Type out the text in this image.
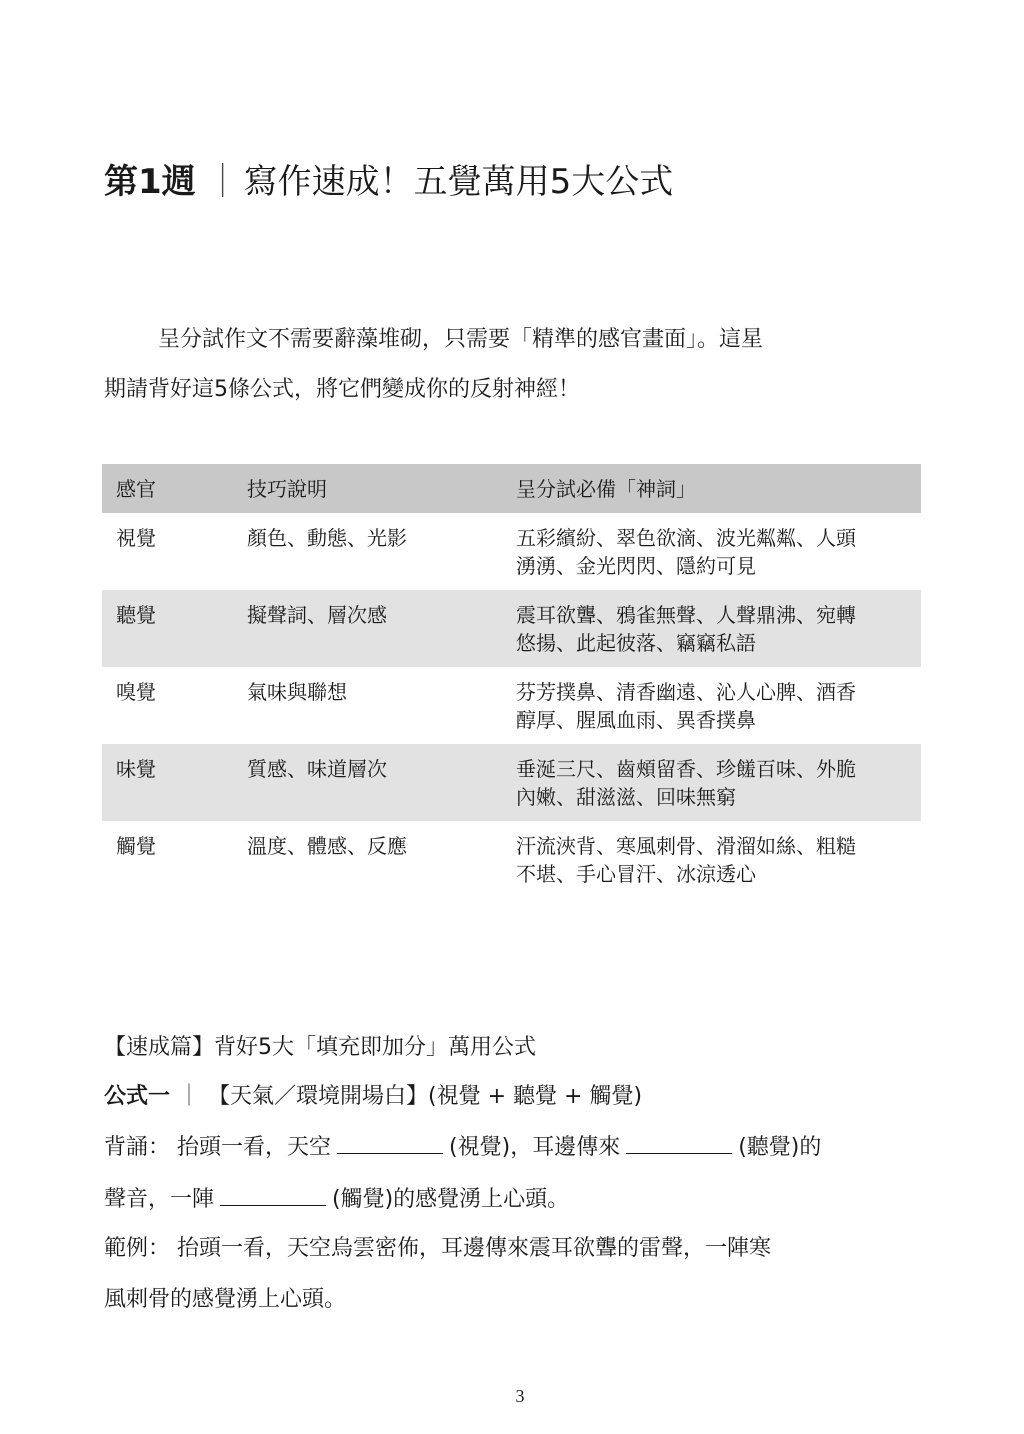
第1週 ｜ 寫作速成！五覺萬用5大公式
呈分試作文不需要辭藻堆砌，只需要「精準的感官畫面」。這星
期請背好這5條公式，將它們變成你的反射神經！
感官	技巧說明	呈分試必備「神詞」
視覺	顏色、動態、光影	五彩繽紛、翠色欲滴、波光粼粼、人頭
湧湧、金光閃閃、隱約可見

聽覺	擬聲詞、層次感	震耳欲聾、鴉雀無聲、人聲鼎沸、宛轉
悠揚、此起彼落、竊竊私語

嗅覺	氣味與聯想	芬芳撲鼻、清香幽遠、沁人心脾、酒香
醇厚、腥風血雨、異香撲鼻

味覺	質感、味道層次	垂涎三尺、齒頰留香、珍饈百味、外脆
內嫩、甜滋滋、回味無窮

觸覺	溫度、體感、反應	汗流浹背、寒風刺骨、滑溜如絲、粗糙
不堪、手心冒汗、冰涼透心
【速成篇】背好5大「填充即加分」萬用公式
公式一 ｜ 【天氣／環境開場白】(視覺 + 聽覺 + 觸覺)
背誦： 抬頭一看，天空	(視覺)，耳邊傳來	(聽覺)的
聲音，一陣	(觸覺)的感覺湧上心頭。
範例： 抬頭一看，天空烏雲密佈，耳邊傳來震耳欲聾的雷聲，一陣寒
風刺骨的感覺湧上心頭。
3
